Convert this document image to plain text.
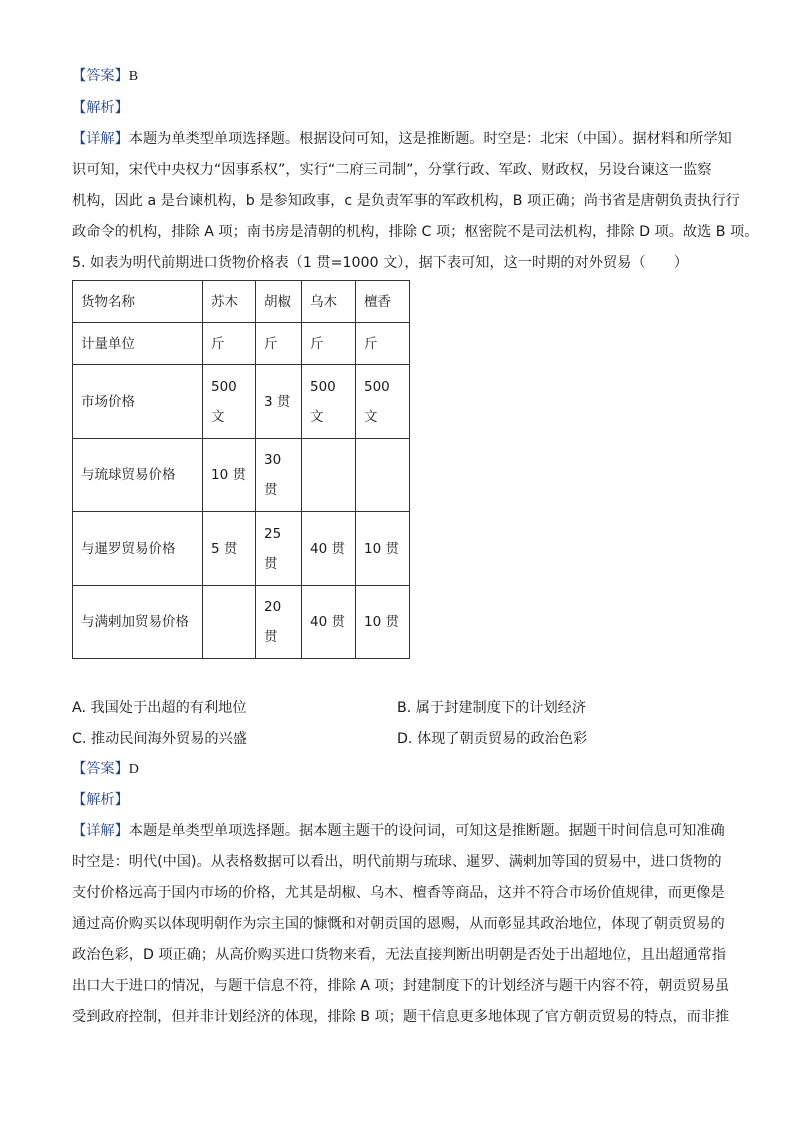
【答案】B
【解析】
【详解】本题为单类型单项选择题。根据设问可知，这是推断题。时空是：北宋（中国）。据材料和所学知
识可知，宋代中央权力“因事系权”，实行“二府三司制”，分掌行政、军政、财政权，另设台谏这一监察
机构，因此 a 是台谏机构，b 是参知政事，c 是负责军事的军政机构，B 项正确；尚书省是唐朝负责执行行
政命令的机构，排除 A 项；南书房是清朝的机构，排除 C 项；枢密院不是司法机构，排除 D 项。故选 B 项。
5. 如表为明代前期进口货物价格表（1 贯=1000 文），据下表可知，这一时期的对外贸易（　　）
货物名称	苏木	胡椒	乌木	檀香
计量单位	斤	斤	斤	斤
市场价格	500 文	3 贯	500 文	500 文
与琉球贸易价格	10 贯	30 贯		
与暹罗贸易价格	5 贯	25 贯	40 贯	10 贯
与满剌加贸易价格		20 贯	40 贯	10 贯
A. 我国处于出超的有利地位	B. 属于封建制度下的计划经济
C. 推动民间海外贸易的兴盛	D. 体现了朝贡贸易的政治色彩
【答案】D
【解析】
【详解】本题是单类型单项选择题。据本题主题干的设问词，可知这是推断题。据题干时间信息可知准确
时空是：明代(中国)。从表格数据可以看出，明代前期与琉球、暹罗、满剌加等国的贸易中，进口货物的
支付价格远高于国内市场的价格，尤其是胡椒、乌木、檀香等商品，这并不符合市场价值规律，而更像是
通过高价购买以体现明朝作为宗主国的慷慨和对朝贡国的恩赐，从而彰显其政治地位，体现了朝贡贸易的
政治色彩，D 项正确；从高价购买进口货物来看，无法直接判断出明朝是否处于出超地位，且出超通常指
出口大于进口的情况，与题干信息不符，排除 A 项；封建制度下的计划经济与题干内容不符，朝贡贸易虽
受到政府控制，但并非计划经济的体现，排除 B 项；题干信息更多地体现了官方朝贡贸易的特点，而非推
